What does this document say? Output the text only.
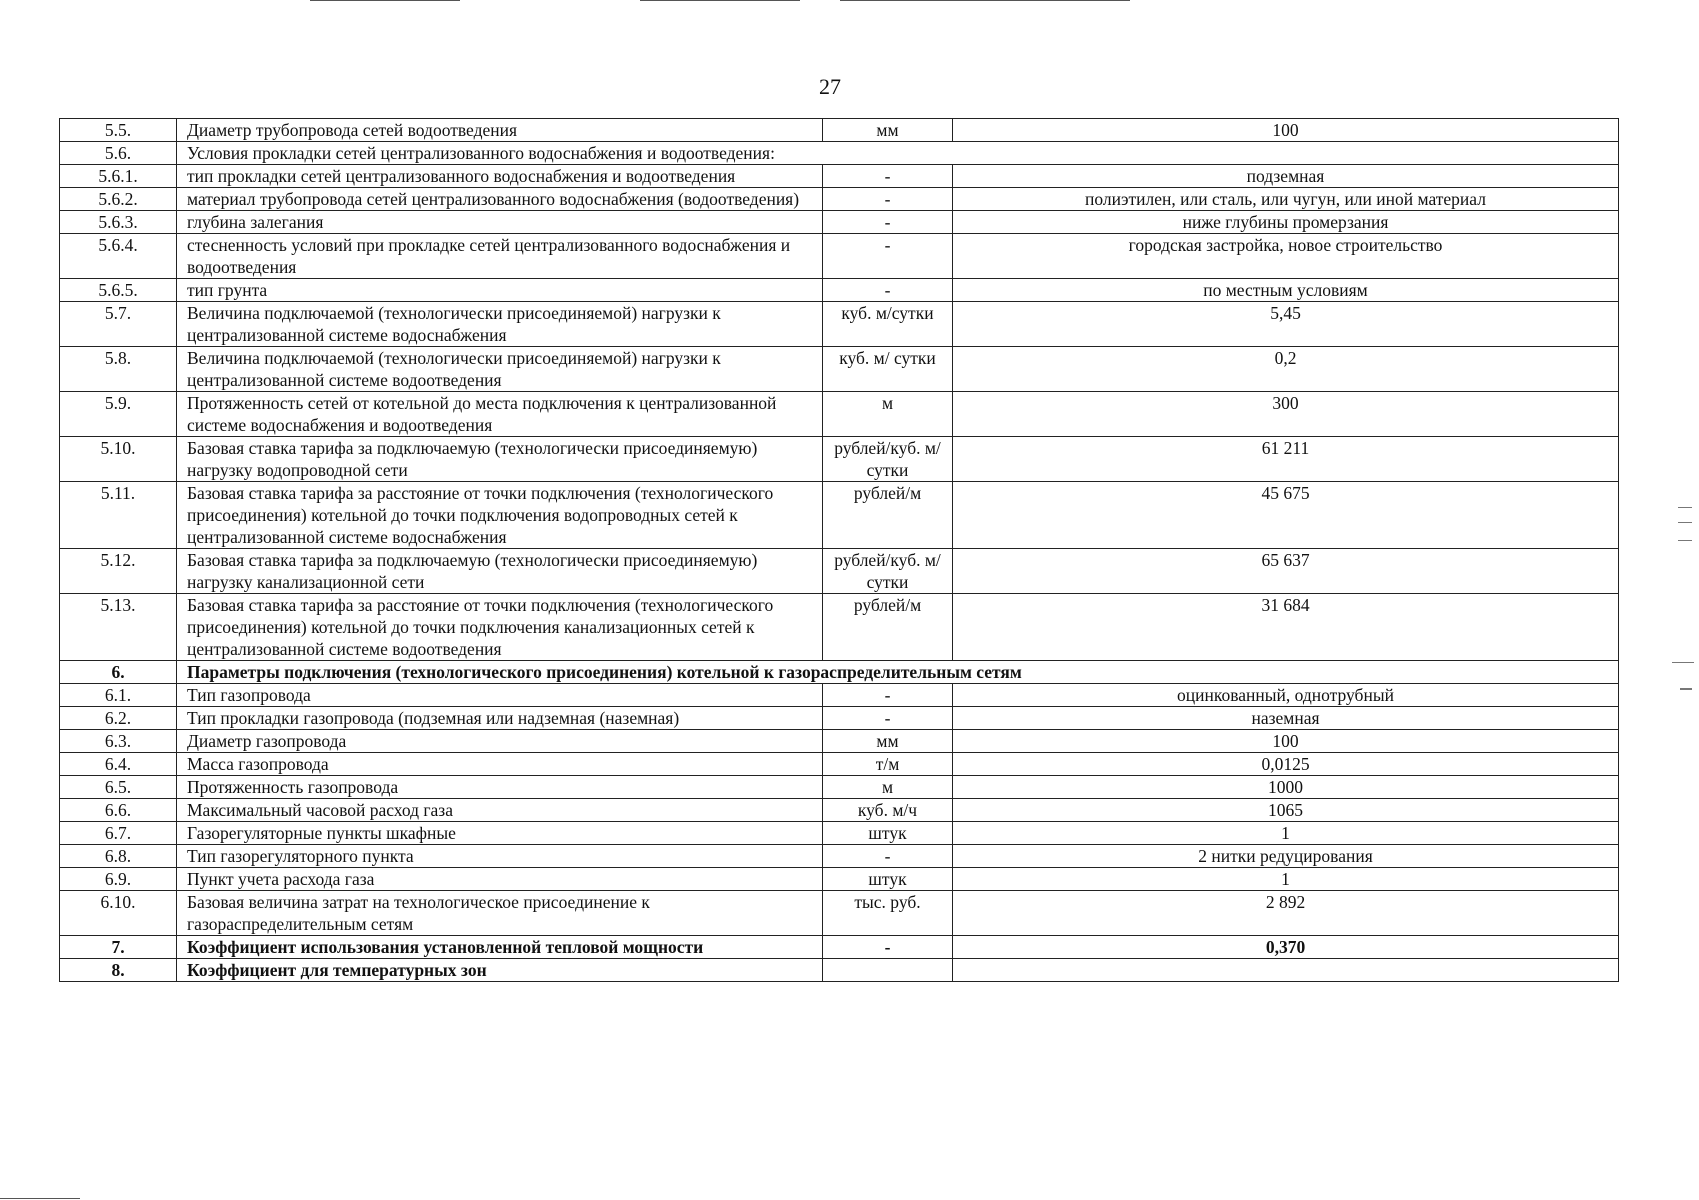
27
5.5.	Диаметр трубопровода сетей водоотведения	мм	100
5.6.	Условия прокладки сетей централизованного водоснабжения и водоотведения:		
5.6.1.	тип прокладки сетей централизованного водоснабжения и водоотведения	-	подземная
5.6.2.	материал трубопровода сетей централизованного водоснабжения (водоотведения)	-	полиэтилен, или сталь, или чугун, или иной материал
5.6.3.	глубина залегания	-	ниже глубины промерзания
5.6.4.	стесненность условий при прокладке сетей централизованного водоснабжения и водоотведения	-	городская застройка, новое строительство
5.6.5.	тип грунта	-	по местным условиям
5.7.	Величина подключаемой (технологически присоединяемой) нагрузки к централизованной системе водоснабжения	куб. м/сутки	5,45
5.8.	Величина подключаемой (технологически присоединяемой) нагрузки к централизованной системе водоотведения	куб. м/ сутки	0,2
5.9.	Протяженность сетей от котельной до места подключения к централизованной системе водоснабжения и водоотведения	м	300
5.10.	Базовая ставка тарифа за подключаемую (технологически присоединяемую) нагрузку водопроводной сети	рублей/куб. м/сутки	61 211
5.11.	Базовая ставка тарифа за расстояние от точки подключения (технологического присоединения) котельной до точки подключения водопроводных сетей к централизованной системе водоснабжения	рублей/м	45 675
5.12.	Базовая ставка тарифа за подключаемую (технологически присоединяемую) нагрузку канализационной сети	рублей/куб. м/сутки	65 637
5.13.	Базовая ставка тарифа за расстояние от точки подключения (технологического присоединения) котельной до точки подключения канализационных сетей к централизованной системе водоотведения	рублей/м	31 684
6.	Параметры подключения (технологического присоединения) котельной к газораспределительным сетям		
6.1.	Тип газопровода	-	оцинкованный, однотрубный
6.2.	Тип прокладки газопровода (подземная или надземная (наземная)	-	наземная
6.3.	Диаметр газопровода	мм	100
6.4.	Масса газопровода	т/м	0,0125
6.5.	Протяженность газопровода	м	1000
6.6.	Максимальный часовой расход газа	куб. м/ч	1065
6.7.	Газорегуляторные пункты шкафные	штук	1
6.8.	Тип газорегуляторного пункта	-	2 нитки редуцирования
6.9.	Пункт учета расхода газа	штук	1
6.10.	Базовая величина затрат на технологическое присоединение к газораспределительным сетям	тыс. руб.	2 892
7.	Коэффициент использования установленной тепловой мощности	-	0,370
8.	Коэффициент для температурных зон		
